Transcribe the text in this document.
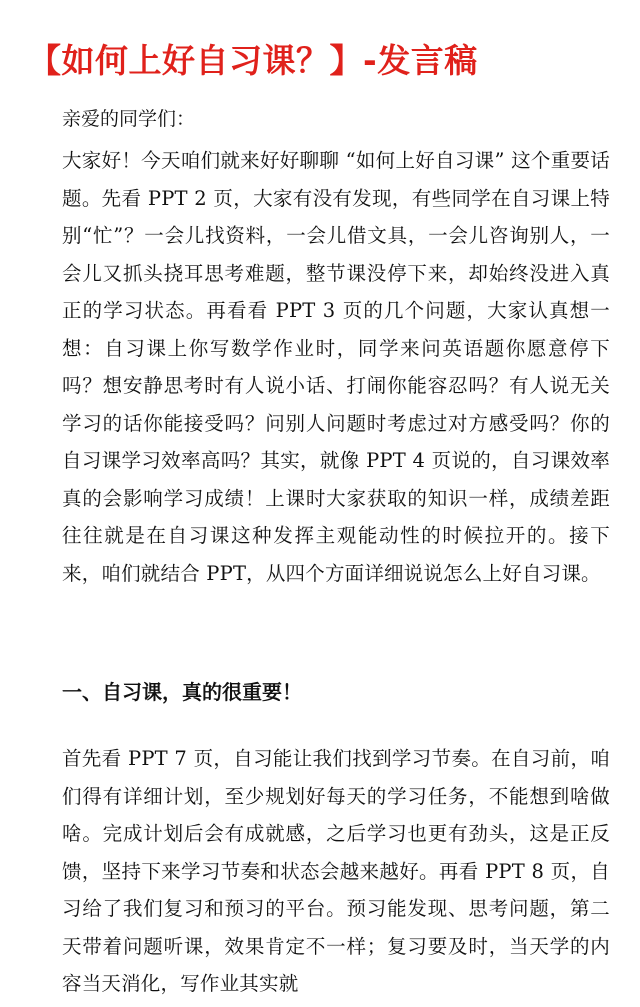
【如何上好自习课？】-发言稿

亲爱的同学们：

大家好！今天咱们就来好好聊聊 “如何上好自习课” 这个重要话题。先看 PPT 2 页，大家有没有发现，有些同学在自习课上特别“忙”？一会儿找资料，一会儿借文具，一会儿咨询别人，一会儿又抓头挠耳思考难题，整节课没停下来，却始终没进入真正的学习状态。再看看 PPT 3 页的几个问题，大家认真想一想：自习课上你写数学作业时，同学来问英语题你愿意停下吗？想安静思考时有人说小话、打闹你能容忍吗？有人说无关学习的话你能接受吗？问别人问题时考虑过对方感受吗？你的自习课学习效率高吗？其实，就像 PPT 4 页说的，自习课效率真的会影响学习成绩！上课时大家获取的知识一样，成绩差距往往就是在自习课这种发挥主观能动性的时候拉开的。接下来，咱们就结合 PPT，从四个方面详细说说怎么上好自习课。

一、自习课，真的很重要！

首先看 PPT 7 页，自习能让我们找到学习节奏。在自习前，咱们得有详细计划，至少规划好每天的学习任务，不能想到啥做啥。完成计划后会有成就感，之后学习也更有劲头，这是正反馈，坚持下来学习节奏和状态会越来越好。再看 PPT 8 页，自习给了我们复习和预习的平台。预习能发现、思考问题，第二天带着问题听课，效果肯定不一样；复习要及时，当天学的内容当天消化，写作业其实就
